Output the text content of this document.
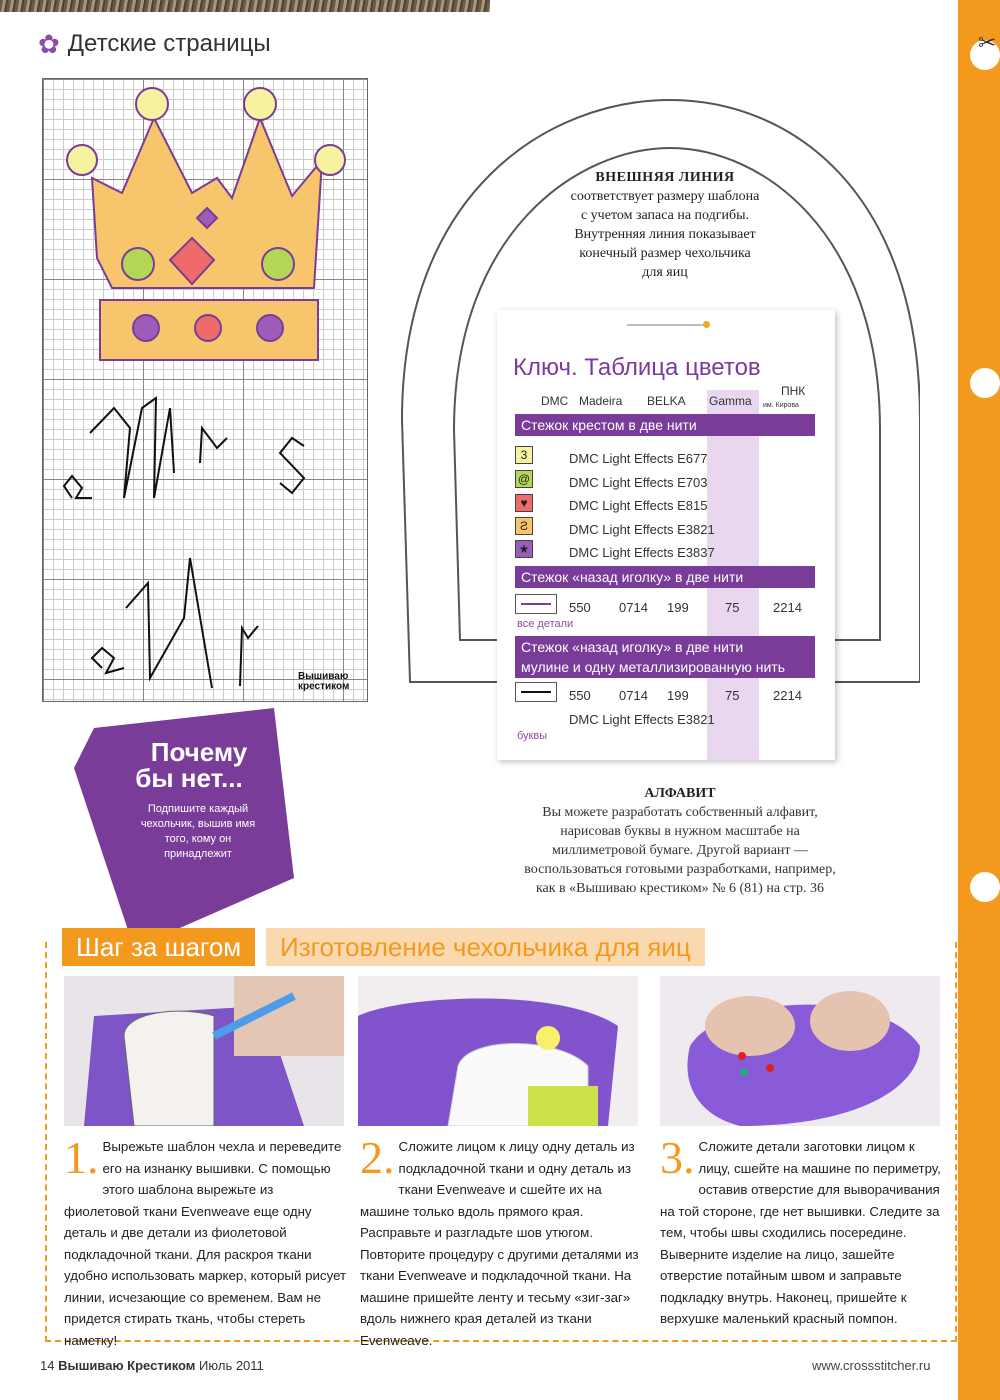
✂
✿ Детские страницы
Вышиваю
крестиком
ВНЕШНЯЯ ЛИНИЯ
соответствует размеру шаблона
с учетом запаса на подгибы.
Внутренняя линия показывает
конечный размер чехольчика
для яиц
Ключ. Таблица цветов
DMC Madeira BELKA Gamma
ПНК
им. Кирова
Стежок крестом в две нити
3	DMC Light Effects E677
@	DMC Light Effects E703
♥	DMC Light Effects E815
Ƨ	DMC Light Effects E3821
★	DMC Light Effects E3837
Стежок «назад иголку» в две нити
550 0714 199	75	2214
все детали
Стежок «назад иголку» в две нити
мулине и одну металлизированную нить
550 0714 199	75	2214
DMC Light Effects E3821
буквы
Почему
бы нет...
Подпишите каждый чехольчик, вышив имя того, кому он принадлежит
АЛФАВИТ
Вы можете разработать собственный алфавит,
нарисовав буквы в нужном масштабе на
миллиметровой бумаге. Другой вариант —
воспользоваться готовыми разработками, например,
как в «Вышиваю крестиком» № 6 (81) на стр. 36
Шаг за шагом	Изготовление чехольчика для яиц
1. Вырежьте шаблон чехла и переведите его на изнанку вышивки. С помощью этого шаблона вырежьте из фиолетовой ткани Evenweave еще одну деталь и две детали из фиолетовой подкладочной ткани. Для раскроя ткани удобно использовать маркер, который рисует линии, исчезающие со временем. Вам не придется стирать ткань, чтобы стереть наметку!
2. Сложите лицом к лицу одну деталь из подкладочной ткани и одну деталь из ткани Evenweave и сшейте их на машине только вдоль прямого края. Расправьте и разгладьте шов утюгом. Повторите процедуру с другими деталями из ткани Evenweave и подкладочной ткани. На машине пришейте ленту и тесьму «зиг-заг» вдоль нижнего края деталей из ткани Evenweave.
3. Сложите детали заготовки лицом к лицу, сшейте на машине по периметру, оставив отверстие для выворачивания на той стороне, где нет вышивки. Следите за тем, чтобы швы сходились посередине. Выверните изделие на лицо, зашейте отверстие потайным швом и заправьте подкладку внутрь. Наконец, пришейте к верхушке маленький красный помпон.
14 Вышиваю Крестиком Июль 2011	www.crossstitcher.ru
